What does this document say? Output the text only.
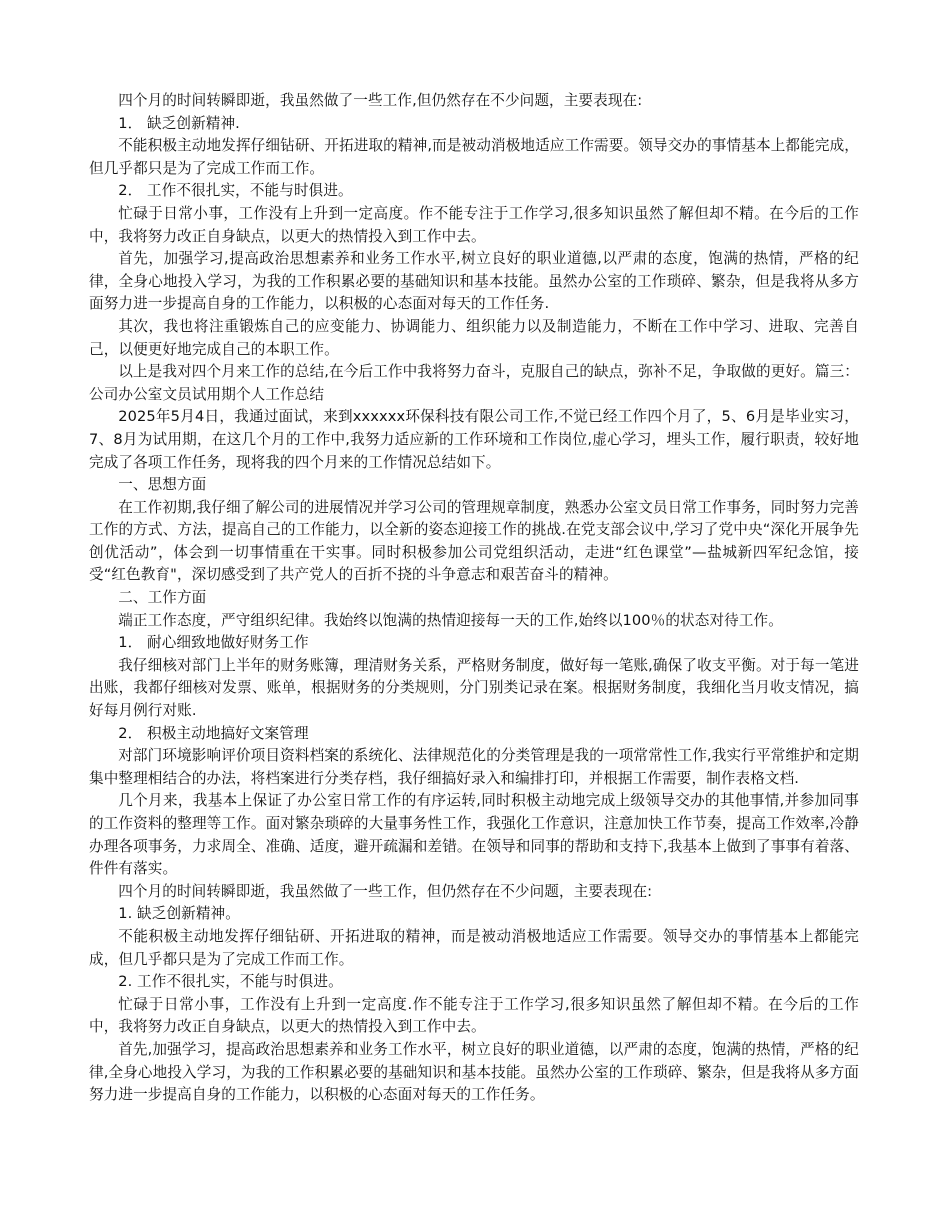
四个月的时间转瞬即逝，我虽然做了一些工作,但仍然存在不少问题，主要表现在:

1． 缺乏创新精神.

不能积极主动地发挥仔细钻研、开拓进取的精神,而是被动消极地适应工作需要。领导交办的事情基本上都能完成，但几乎都只是为了完成工作而工作。

2． 工作不很扎实，不能与时俱进。

忙碌于日常小事，工作没有上升到一定高度。作不能专注于工作学习,很多知识虽然了解但却不精。在今后的工作中，我将努力改正自身缺点，以更大的热情投入到工作中去。

首先，加强学习,提高政治思想素养和业务工作水平,树立良好的职业道德,以严肃的态度，饱满的热情，严格的纪律，全身心地投入学习，为我的工作积累必要的基础知识和基本技能。虽然办公室的工作琐碎、繁杂，但是我将从多方面努力进一步提高自身的工作能力，以积极的心态面对每天的工作任务.

其次，我也将注重锻炼自己的应变能力、协调能力、组织能力以及制造能力，不断在工作中学习、进取、完善自己，以便更好地完成自己的本职工作。

以上是我对四个月来工作的总结,在今后工作中我将努力奋斗，克服自己的缺点，弥补不足，争取做的更好。篇三：公司办公室文员试用期个人工作总结

2025年5月4日，我通过面试，来到xxxxxx环保科技有限公司工作,不觉已经工作四个月了，5、6月是毕业实习，7、8月为试用期，在这几个月的工作中,我努力适应新的工作环境和工作岗位,虚心学习，埋头工作，履行职责，较好地完成了各项工作任务，现将我的四个月来的工作情况总结如下。

一、思想方面

在工作初期,我仔细了解公司的进展情况并学习公司的管理规章制度，熟悉办公室文员日常工作事务，同时努力完善工作的方式、方法，提高自己的工作能力，以全新的姿态迎接工作的挑战.在党支部会议中,学习了党中央“深化开展争先创优活动”，体会到一切事情重在干实事。同时积极参加公司党组织活动，走进“红色课堂”—盐城新四军纪念馆，接受“红色教育"，深切感受到了共产党人的百折不挠的斗争意志和艰苦奋斗的精神。

二、工作方面

端正工作态度，严守组织纪律。我始终以饱满的热情迎接每一天的工作,始终以100％的状态对待工作。

1． 耐心细致地做好财务工作

我仔细核对部门上半年的财务账簿，理清财务关系，严格财务制度，做好每一笔账,确保了收支平衡。对于每一笔进出账，我都仔细核对发票、账单，根据财务的分类规则，分门别类记录在案。根据财务制度，我细化当月收支情况，搞好每月例行对账.

2． 积极主动地搞好文案管理

对部门环境影响评价项目资料档案的系统化、法律规范化的分类管理是我的一项常常性工作,我实行平常维护和定期集中整理相结合的办法，将档案进行分类存档，我仔细搞好录入和编排打印，并根据工作需要，制作表格文档.

几个月来，我基本上保证了办公室日常工作的有序运转,同时积极主动地完成上级领导交办的其他事情,并参加同事的工作资料的整理等工作。面对繁杂琐碎的大量事务性工作，我强化工作意识，注意加快工作节奏，提高工作效率,冷静办理各项事务，力求周全、准确、适度，避开疏漏和差错。在领导和同事的帮助和支持下,我基本上做到了事事有着落、件件有落实。

四个月的时间转瞬即逝，我虽然做了一些工作，但仍然存在不少问题，主要表现在:

1. 缺乏创新精神。

不能积极主动地发挥仔细钻研、开拓进取的精神，而是被动消极地适应工作需要。领导交办的事情基本上都能完成，但几乎都只是为了完成工作而工作。

2. 工作不很扎实，不能与时俱进。

忙碌于日常小事，工作没有上升到一定高度.作不能专注于工作学习,很多知识虽然了解但却不精。在今后的工作中，我将努力改正自身缺点，以更大的热情投入到工作中去。

首先,加强学习，提高政治思想素养和业务工作水平，树立良好的职业道德，以严肃的态度，饱满的热情，严格的纪律,全身心地投入学习，为我的工作积累必要的基础知识和基本技能。虽然办公室的工作琐碎、繁杂，但是我将从多方面努力进一步提高自身的工作能力，以积极的心态面对每天的工作任务。
